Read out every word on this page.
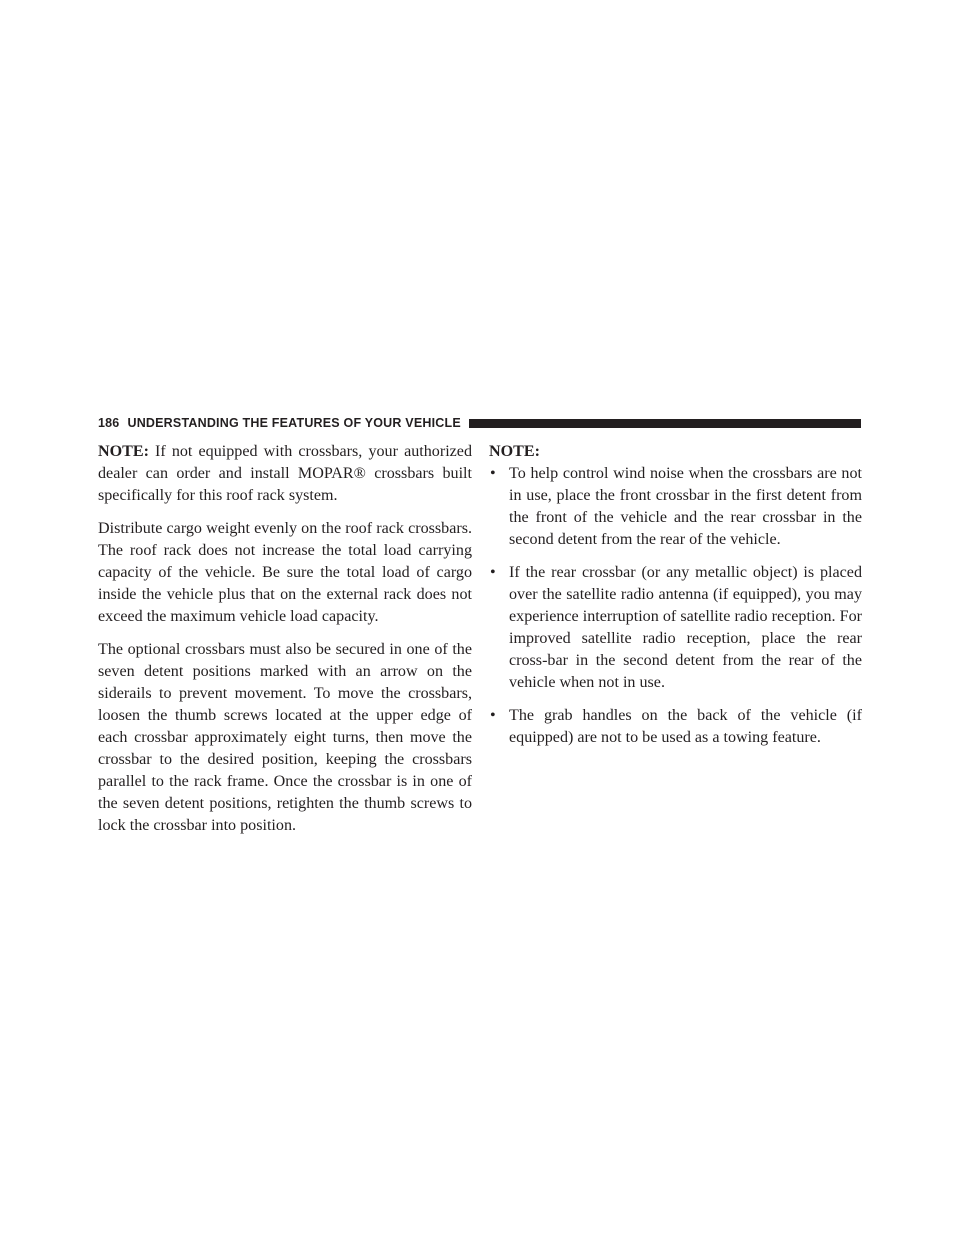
186 UNDERSTANDING THE FEATURES OF YOUR VEHICLE

NOTE: If not equipped with crossbars, your authorized dealer can order and install MOPAR® crossbars built specifically for this roof rack system.

Distribute cargo weight evenly on the roof rack crossbars. The roof rack does not increase the total load carrying capacity of the vehicle. Be sure the total load of cargo inside the vehicle plus that on the external rack does not exceed the maximum vehicle load capacity.

The optional crossbars must also be secured in one of the seven detent positions marked with an arrow on the siderails to prevent movement. To move the crossbars, loosen the thumb screws located at the upper edge of each crossbar approximately eight turns, then move the crossbar to the desired position, keeping the crossbars parallel to the rack frame. Once the crossbar is in one of the seven detent positions, retighten the thumb screws to lock the crossbar into position.

NOTE:

• To help control wind noise when the crossbars are not in use, place the front crossbar in the first detent from the front of the vehicle and the rear crossbar in the second detent from the rear of the vehicle.
• If the rear crossbar (or any metallic object) is placed over the satellite radio antenna (if equipped), you may experience interruption of satellite radio reception. For improved satellite radio reception, place the rear cross-bar in the second detent from the rear of the vehicle when not in use.
• The grab handles on the back of the vehicle (if equipped) are not to be used as a towing feature.
